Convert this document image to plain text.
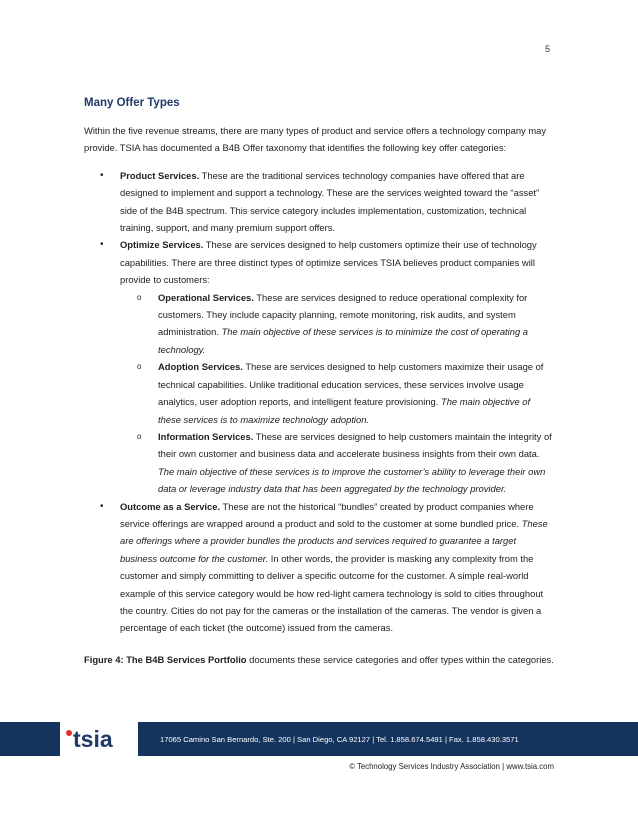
5
Many Offer Types

Within the five revenue streams, there are many types of product and service offers a technology company may provide. TSIA has documented a B4B Offer taxonomy that identifies the following key offer categories:

• Product Services. These are the traditional services technology companies have offered that are designed to implement and support a technology. These are the services weighted toward the “asset” side of the B4B spectrum. This service category includes implementation, customization, technical training, support, and many premium support offers.
• Optimize Services. These are services designed to help customers optimize their use of technology capabilities. There are three distinct types of optimize services TSIA believes product companies will provide to customers:
o Operational Services. These are services designed to reduce operational complexity for customers. They include capacity planning, remote monitoring, risk audits, and system administration. The main objective of these services is to minimize the cost of operating a technology.
o Adoption Services. These are services designed to help customers maximize their usage of technical capabilities. Unlike traditional education services, these services involve usage analytics, user adoption reports, and intelligent feature provisioning. The main objective of these services is to maximize technology adoption.
o Information Services. These are services designed to help customers maintain the integrity of their own customer and business data and accelerate business insights from their own data. The main objective of these services is to improve the customer’s ability to leverage their own data or leverage industry data that has been aggregated by the technology provider.
• Outcome as a Service. These are not the historical “bundles” created by product companies where service offerings are wrapped around a product and sold to the customer at some bundled price. These are offerings where a provider bundles the products and services required to guarantee a target business outcome for the customer. In other words, the provider is masking any complexity from the customer and simply committing to deliver a specific outcome for the customer. A simple real-world example of this service category would be how red-light camera technology is sold to cities throughout the country. Cities do not pay for the cameras or the installation of the cameras. The vendor is given a percentage of each ticket (the outcome) issued from the cameras.

Figure 4: The B4B Services Portfolio documents these service categories and offer types within the categories.

tsia	17065 Camino San Bernardo, Ste. 200 | San Diego, CA 92127 | Tel. 1.858.674.5491 | Fax. 1.858.430.3571
© Technology Services Industry Association | www.tsia.com
